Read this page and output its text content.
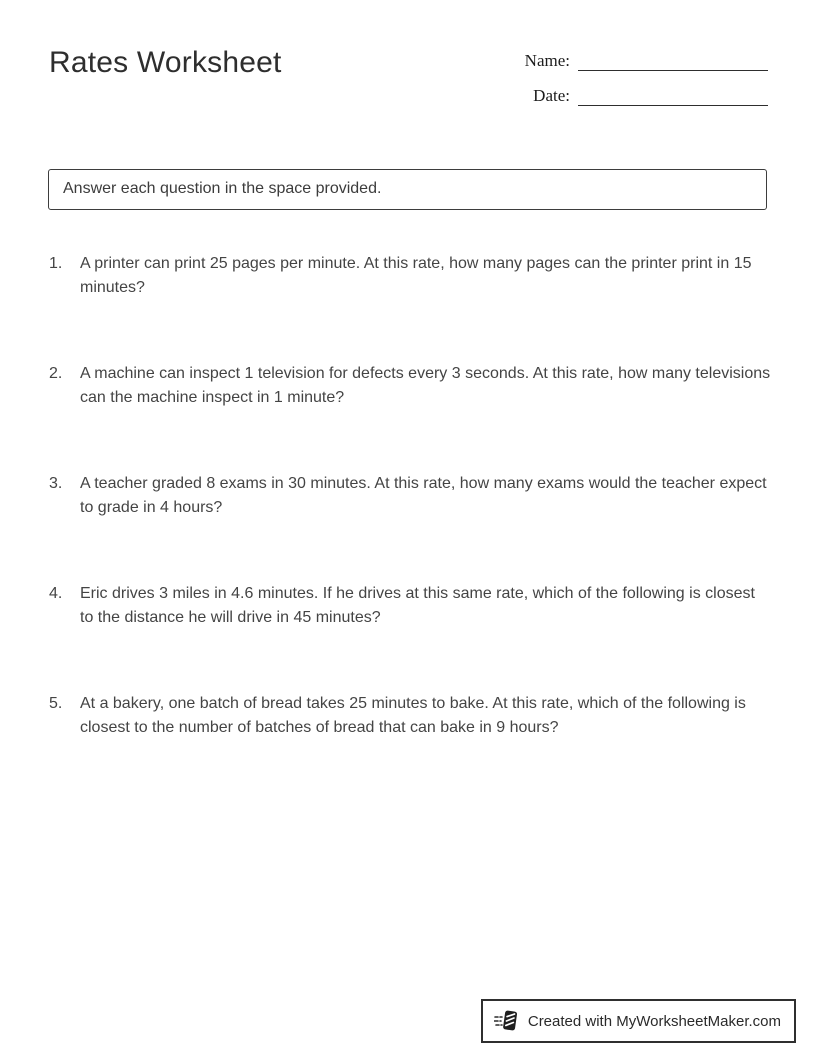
Rates Worksheet	Name:
Date:
Answer each question in the space provided.
1.	A printer can print 25 pages per minute. At this rate, how many pages can the printer print in 15 minutes?
2.	A machine can inspect 1 television for defects every 3 seconds. At this rate, how many televisions can the machine inspect in 1 minute?
3.	A teacher graded 8 exams in 30 minutes. At this rate, how many exams would the teacher expect to grade in 4 hours?
4.	Eric drives 3 miles in 4.6 minutes. If he drives at this same rate, which of the following is closest to the distance he will drive in 45 minutes?
5.	At a bakery, one batch of bread takes 25 minutes to bake. At this rate, which of the following is closest to the number of batches of bread that can bake in 9 hours?
Created with MyWorksheetMaker.com
